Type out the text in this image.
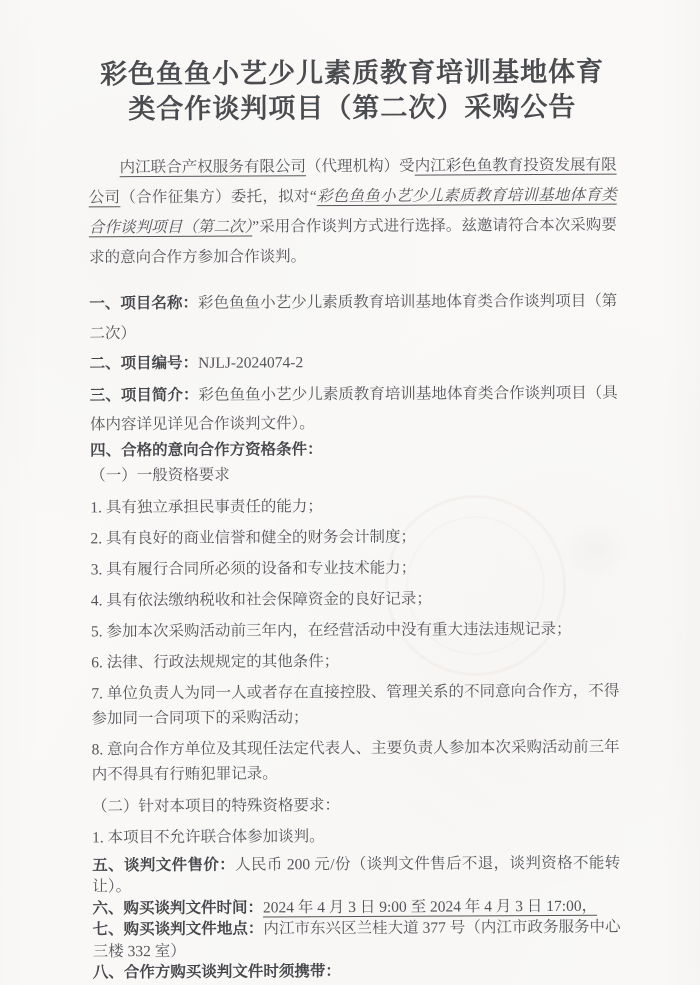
彩色鱼鱼小艺少儿素质教育培训基地体育
类合作谈判项目（第二次）采购公告

内江联合产权服务有限公司（代理机构）受内江彩色鱼教育投资发展有限公司（合作征集方）委托，拟对“彩色鱼鱼小艺少儿素质教育培训基地体育类合作谈判项目（第二次）”采用合作谈判方式进行选择。兹邀请符合本次采购要求的意向合作方参加合作谈判。

一、项目名称：彩色鱼鱼小艺少儿素质教育培训基地体育类合作谈判项目（第二次）
二、项目编号：NJLJ-2024074-2
三、项目简介：彩色鱼鱼小艺少儿素质教育培训基地体育类合作谈判项目（具体内容详见详见合作谈判文件）。
四、合格的意向合作方资格条件：
（一）一般资格要求
1. 具有独立承担民事责任的能力；
2. 具有良好的商业信誉和健全的财务会计制度；
3. 具有履行合同所必须的设备和专业技术能力；
4. 具有依法缴纳税收和社会保障资金的良好记录；
5. 参加本次采购活动前三年内，在经营活动中没有重大违法违规记录；
6. 法律、行政法规规定的其他条件；
7. 单位负责人为同一人或者存在直接控股、管理关系的不同意向合作方，不得参加同一合同项下的采购活动；
8. 意向合作方单位及其现任法定代表人、主要负责人参加本次采购活动前三年内不得具有行贿犯罪记录。
（二）针对本项目的特殊资格要求：
1. 本项目不允许联合体参加谈判。
五、谈判文件售价：人民币 200 元/份（谈判文件售后不退，谈判资格不能转让）。
六、购买谈判文件时间：2024 年 4 月 3 日 9:00 至 2024 年 4 月 3 日 17:00，
七、购买谈判文件地点：内江市东兴区兰桂大道 377 号（内江市政务服务中心三楼 332 室）
八、合作方购买谈判文件时须携带：
